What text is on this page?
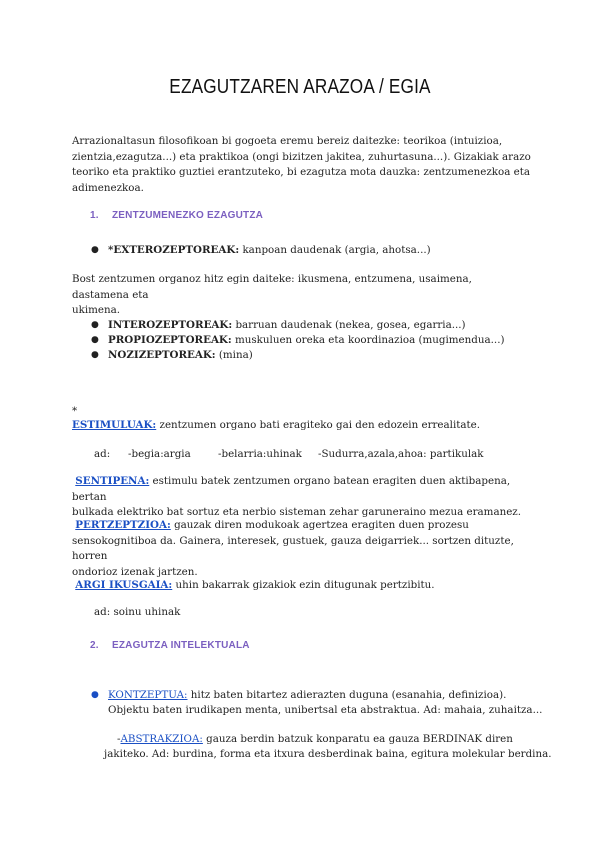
EZAGUTZAREN ARAZOA / EGIA
Arrazionaltasun filosofikoan bi gogoeta eremu bereiz daitezke: teorikoa (intuizioa,
zientzia,ezagutza...) eta praktikoa (ongi bizitzen jakitea, zuhurtasuna...). Gizakiak arazo
teoriko eta praktiko guztiei erantzuteko, bi ezagutza mota dauzka: zentzumenezkoa eta
adimenezkoa.
1. ZENTZUMENEZKO EZAGUTZA
● *EXTEROZEPTOREAK: kanpoan daudenak (argia, ahotsa...)
Bost zentzumen organoz hitz egin daiteke: ikusmena, entzumena, usaimena, dastamena eta
ukimena.
● INTEROZEPTOREAK: barruan daudenak (nekea, gosea, egarria...)
● PROPIOZEPTOREAK: muskuluen oreka eta koordinazioa (mugimendua...)
● NOZIZEPTOREAK: (mina)
*
ESTIMULUAK: zentzumen organo bati eragiteko gai den edozein errealitate.
ad:	-begia:argia	-belarria:uhinak -Sudurra,azala,ahoa: partikulak
SENTIPENA: estimulu batek zentzumen organo batean eragiten duen aktibapena, bertan
bulkada elektriko bat sortuz eta nerbio sisteman zehar garuneraino mezua eramanez.
PERTZEPTZIOA: gauzak diren modukoak agertzea eragiten duen prozesu
sensokognitiboa da. Gainera, interesek, gustuek, gauza deigarriek... sortzen dituzte, horren
ondorioz izenak jartzen.
ARGI IKUSGAIA: uhin bakarrak gizakiok ezin ditugunak pertzibitu.
ad: soinu uhinak
2. EZAGUTZA INTELEKTUALA
● KONTZEPTUA: hitz baten bitartez adierazten duguna (esanahia, definizioa).
Objektu baten irudikapen menta, unibertsal eta abstraktua. Ad: mahaia, zuhaitza...
-ABSTRAKZIOA: gauza berdin batzuk konparatu ea gauza BERDINAK diren
jakiteko. Ad: burdina, forma eta itxura desberdinak baina, egitura molekular berdina.
